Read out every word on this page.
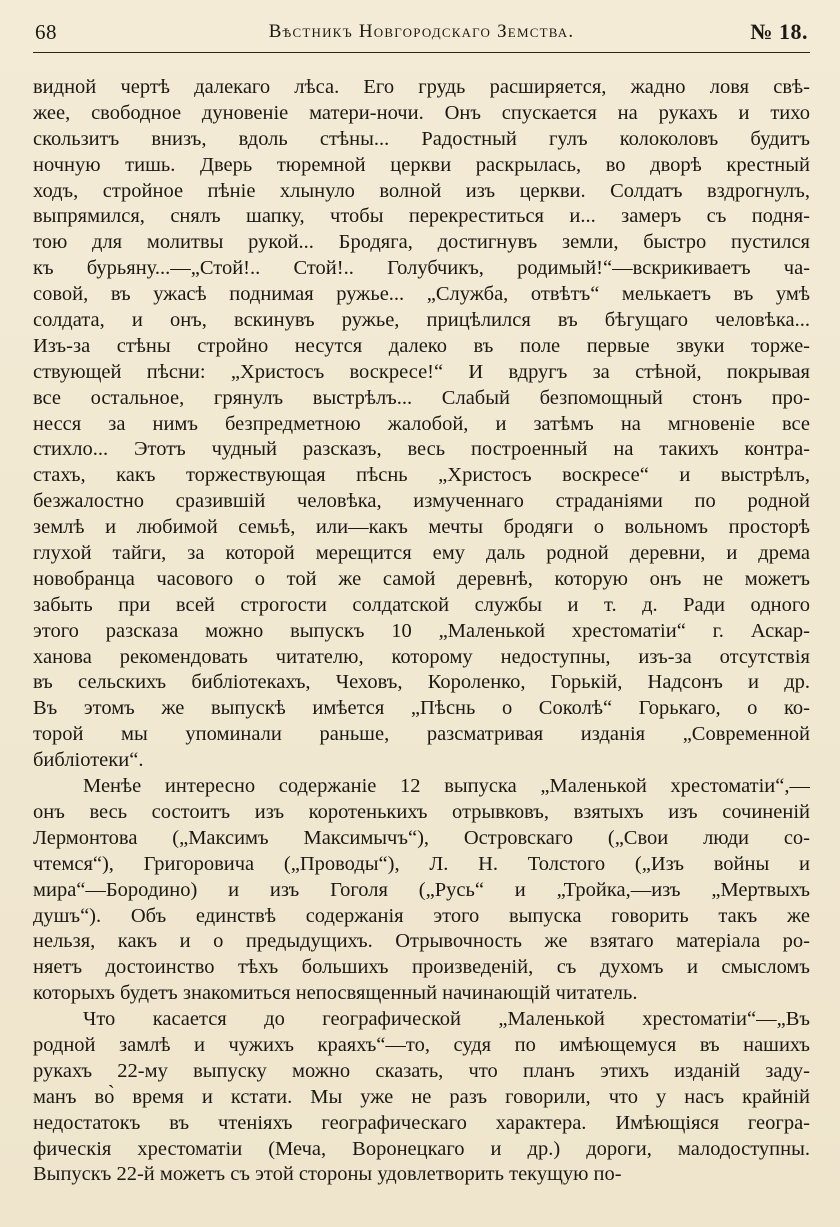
68	Вѣстникъ Новгородскаго Земства.	№ 18.

видной чертѣ далекаго лѣса. Его грудь расширяется, жадно ловя свѣ-

жее, свободное дуновеніе матери-ночи. Онъ спускается на рукахъ и тихо

скользитъ внизъ, вдоль стѣны... Радостный гулъ колоколовъ будитъ

ночную тишь. Дверь тюремной церкви раскрылась, во дворѣ крестный

ходъ, стройное пѣніе хлынуло волной изъ церкви. Солдатъ вздрогнулъ,

выпрямился, снялъ шапку, чтобы перекреститься и... замеръ съ подня-

тою для молитвы рукой... Бродяга, достигнувъ земли, быстро пустился

къ бурьяну...—„Стой!.. Стой!.. Голубчикъ, родимый!“—вскрикиваетъ ча-

совой, въ ужасѣ поднимая ружье... „Служба, отвѣтъ“ мелькаетъ въ умѣ

солдата, и онъ, вскинувъ ружье, прицѣлился въ бѣгущаго человѣка...

Изъ-за стѣны стройно несутся далеко въ поле первые звуки торже-

ствующей пѣсни: „Христосъ воскресе!“ И вдругъ за стѣной, покрывая

все остальное, грянулъ выстрѣлъ... Слабый безпомощный стонъ про-

несся за нимъ безпредметною жалобой, и затѣмъ на мгновеніе все

стихло... Этотъ чудный разсказъ, весь построенный на такихъ контра-

стахъ, какъ торжествующая пѣснь „Христосъ воскресе“ и выстрѣлъ,

безжалостно сразившій человѣка, измученнаго страданіями по родной

землѣ и любимой семьѣ, или—какъ мечты бродяги о вольномъ просторѣ

глухой тайги, за которой мерещится ему даль родной деревни, и дрема

новобранца часового о той же самой деревнѣ, которую онъ не можетъ

забыть при всей строгости солдатской службы и т. д. Ради одного

этого разсказа можно выпускъ 10 „Маленькой хрестоматіи“ г. Аскар-

ханова рекомендовать читателю, которому недоступны, изъ-за отсутствія

въ сельскихъ библіотекахъ, Чеховъ, Короленко, Горькій, Надсонъ и др.

Въ этомъ же выпускѣ имѣется „Пѣснь о Соколѣ“ Горькаго, о ко-

торой мы упоминали раньше, разсматривая изданія „Современной

библіотеки“.

Менѣе интересно содержаніе 12 выпуска „Маленькой хрестоматіи“,—

онъ весь состоитъ изъ коротенькихъ отрывковъ, взятыхъ изъ сочиненій

Лермонтова („Максимъ Максимычъ“), Островскаго („Свои люди со-

чтемся“), Григоровича („Проводы“), Л. Н. Толстого („Изъ войны и

мира“—Бородино) и изъ Гоголя („Русь“ и „Тройка,—изъ „Мертвыхъ

душъ“). Объ единствѣ содержанія этого выпуска говорить такъ же

нельзя, какъ и о предыдущихъ. Отрывочность же взятаго матеріала ро-

няетъ достоинство тѣхъ большихъ произведеній, съ духомъ и смысломъ

которыхъ будетъ знакомиться непосвященный начинающій читатель.

Что касается до географической „Маленькой хрестоматіи“—„Въ

родной замлѣ и чужихъ краяхъ“—то, судя по имѣющемуся въ нашихъ

рукахъ 22-му выпуску можно сказать, что планъ этихъ изданій заду-

манъ во̀ время и кстати. Мы уже не разъ говорили, что у насъ крайній

недостатокъ въ чтеніяхъ географическаго характера. Имѣющіяся геогра-

фическія хрестоматіи (Меча, Воронецкаго и др.) дороги, малодоступны.

Выпускъ 22-й можетъ съ этой стороны удовлетворить текущую по-
